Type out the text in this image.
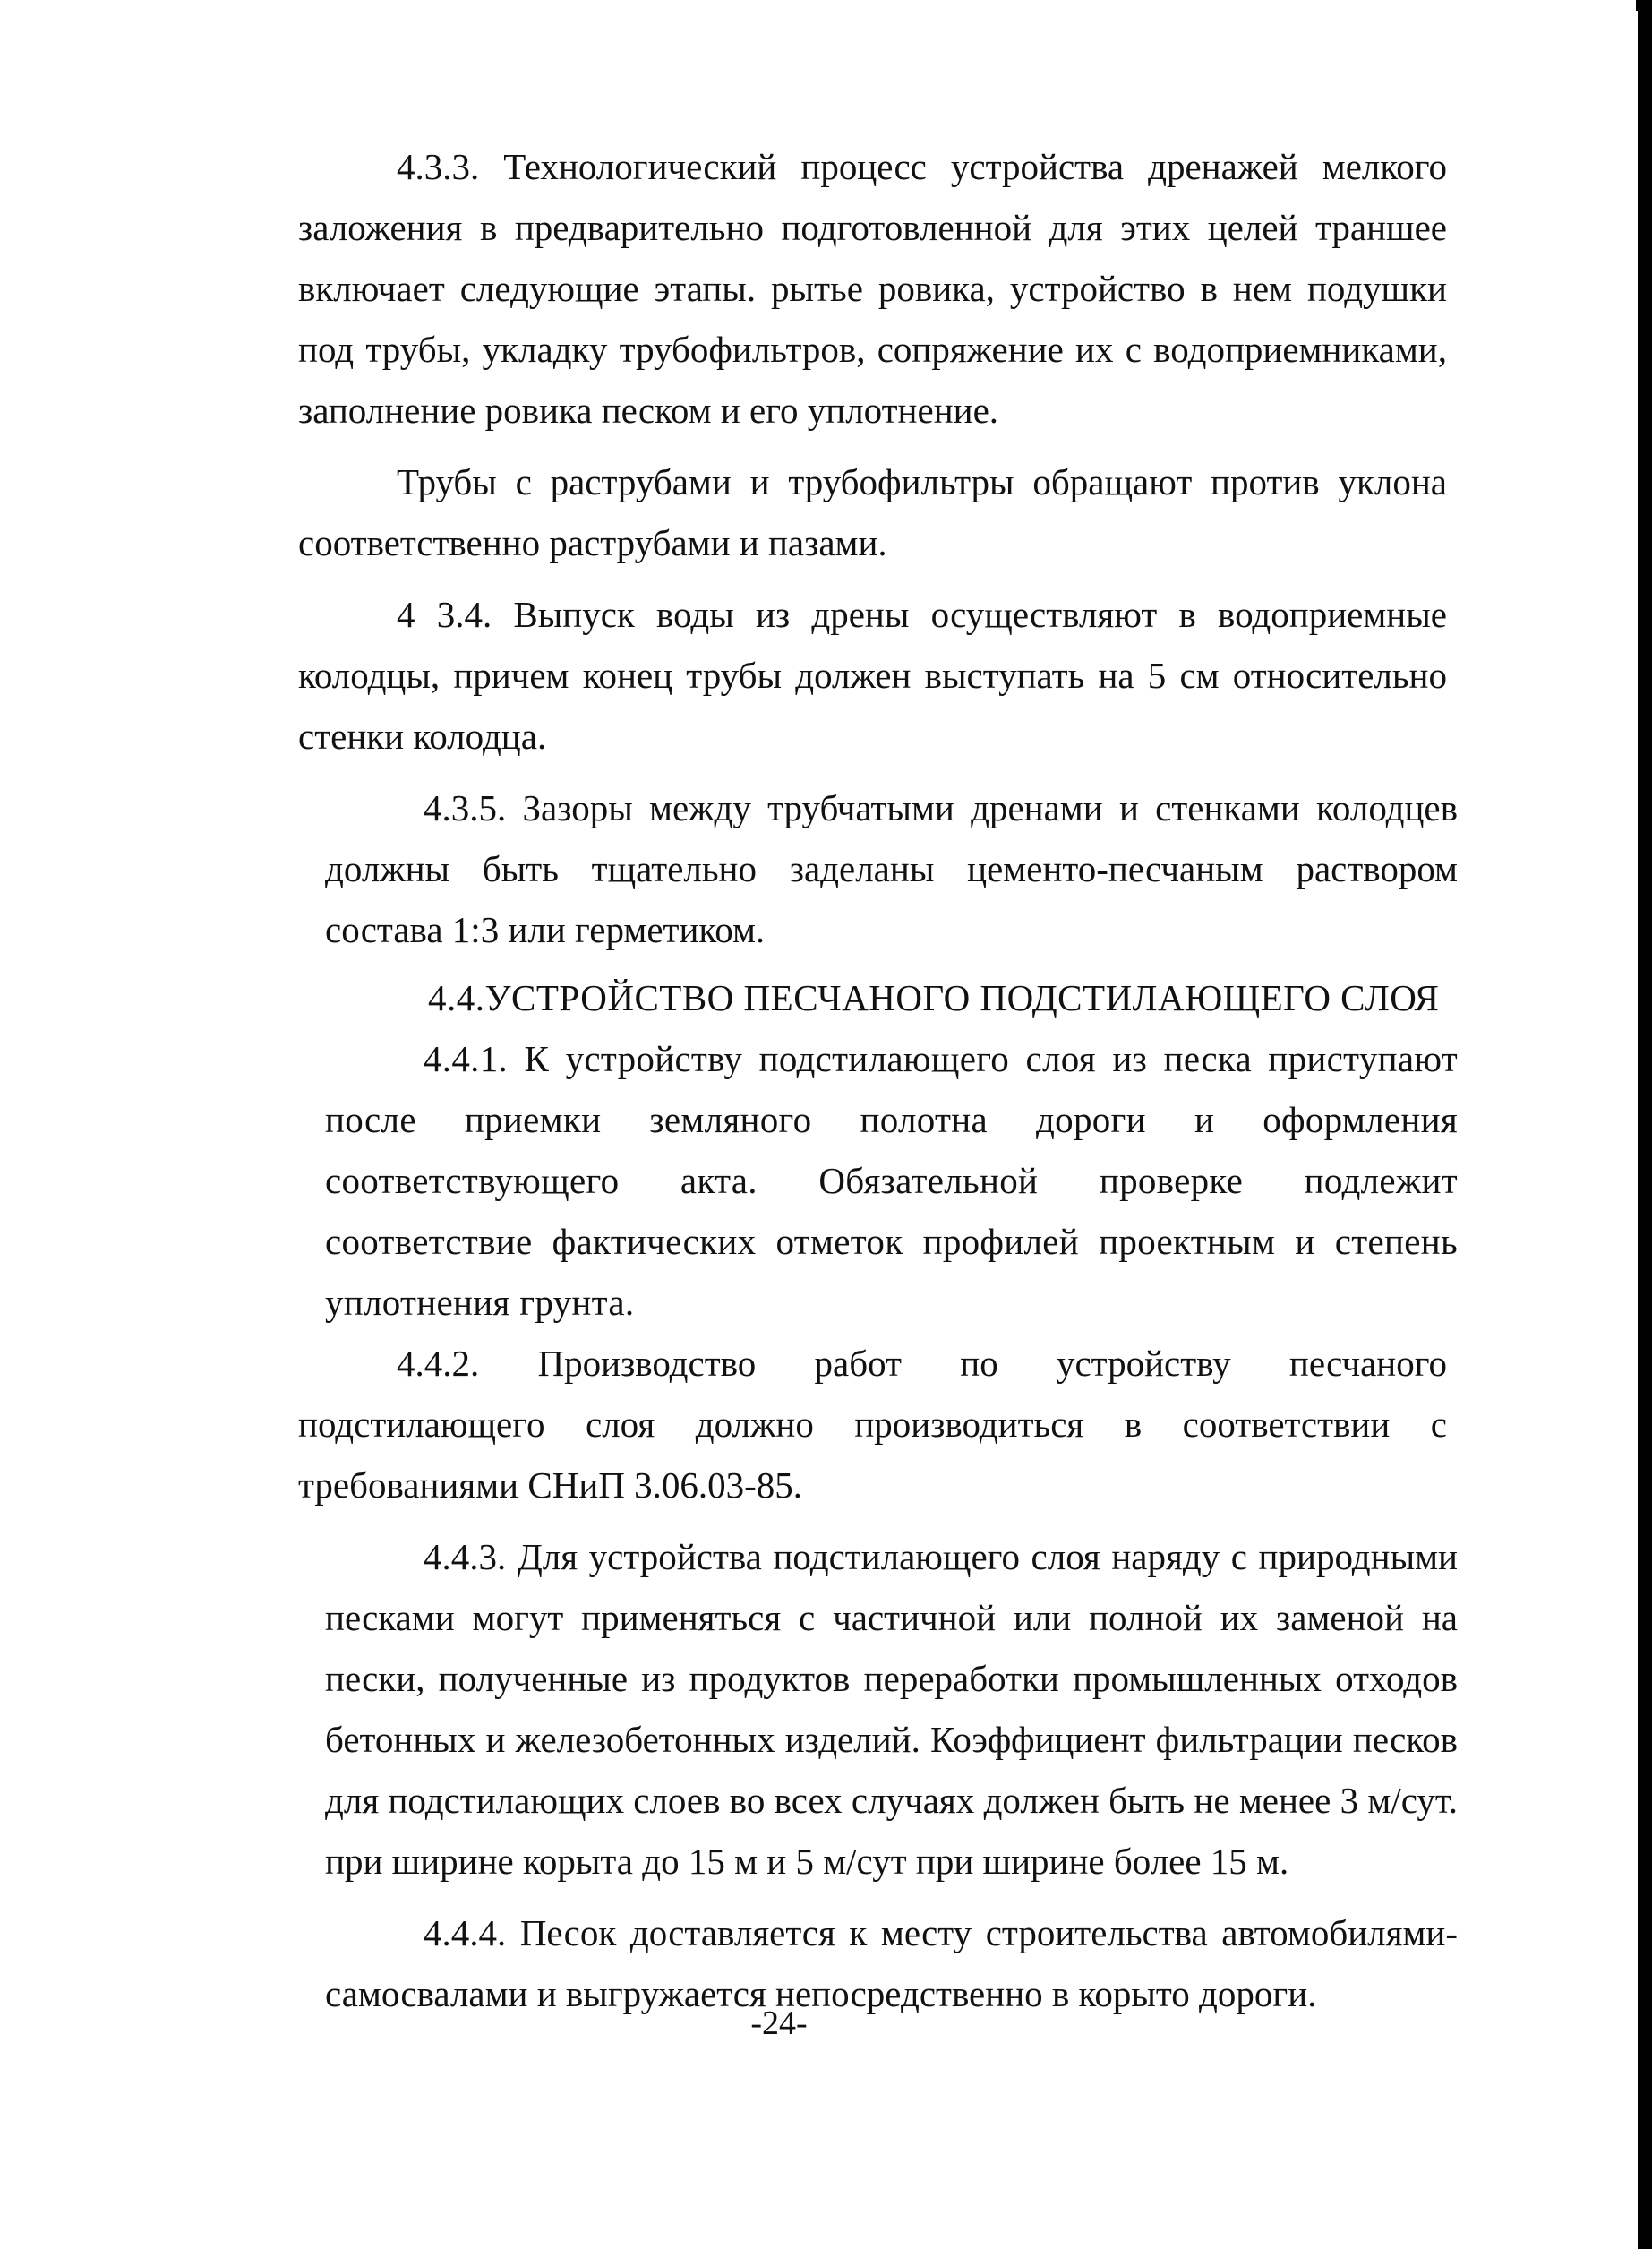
4.3.3. Технологический процесс устройства дренажей мелкого заложения в предварительно подготовленной для этих целей траншее включает следующие этапы. рытье ровика, устройство в нем подушки под трубы, укладку трубофильтров, сопряжение их с водоприемниками, заполнение ровика песком и его уплотнение.

Трубы с раструбами и трубофильтры обращают против уклона соответственно раструбами и пазами.

4 3.4. Выпуск воды из дрены осуществляют в водоприемные колодцы, причем конец трубы должен выступать на 5 см относительно стенки колодца.

4.3.5. Зазоры между трубчатыми дренами и стенками колодцев должны быть тщательно заделаны цементо-песчаным раствором состава 1:3 или герметиком.

4.4.УСТРОЙСТВО ПЕСЧАНОГО ПОДСТИЛАЮЩЕГО СЛОЯ

4.4.1. К устройству подстилающего слоя из песка приступают после приемки земляного полотна дороги и оформления соответствующего акта. Обязательной проверке подлежит соответствие фактических отметок профилей проектным и степень уплотнения грунта.

4.4.2. Производство работ по устройству песчаного подстилающего слоя должно производиться в соответствии с требованиями СНиП 3.06.03-85.

4.4.3. Для устройства подстилающего слоя наряду с природными песками могут применяться с частичной или полной их заменой на пески, полученные из продуктов переработки промышленных отходов бетонных и железобетонных изделий. Коэффициент фильтрации песков для подстилающих слоев во всех случаях должен быть не менее 3 м/сут. при ширине корыта до 15 м и 5 м/сут при ширине более 15 м.

4.4.4. Песок доставляется к месту строительства автомобилями-самосвалами и выгружается непосредственно в корыто дороги.

-24-
